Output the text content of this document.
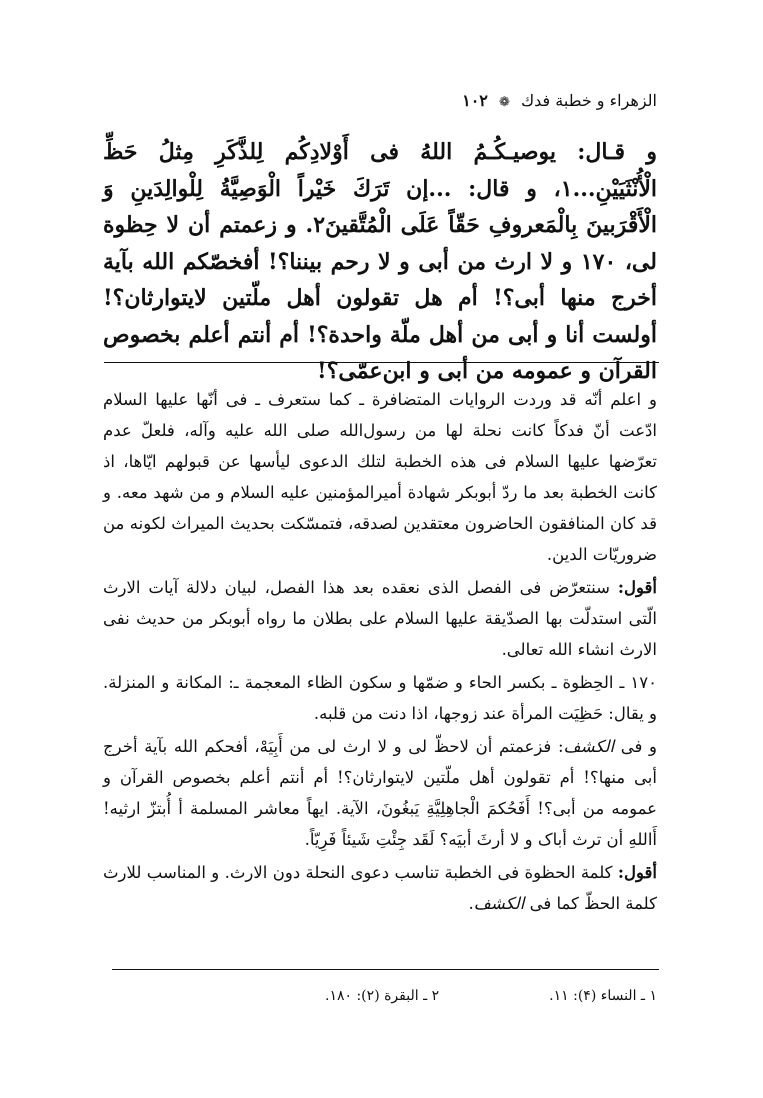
الزهراء و خطبة فدك ❁ ١٠٢

و قـال: يوصيـكُـمُ اللهُ فى أَوْلادِكُم لِلذَّكَرِ مِثلُ حَظِّ الْأُنْثَيَيْنِ...١، و قال: ...إن تَرَكَ خَيْراً الْوَصِيَّةُ لِلْوالِدَينِ وَ الْأَقْرَبينَ بِالْمَعروفِ حَقّاً عَلَى الْمُتَّقينَ٢. و زعمتم أن لا حِظوة لى، ١٧٠ و لا ارث من أبى و لا رحم بيننا؟! أفخصّكم الله بآية أخرج منها أبى؟! أم هل تقولون أهل ملّتين لايتوارثان؟! أولست أنا و أبى من أهل ملّة واحدة؟! أم أنتم أعلم بخصوص القرآن و عمومه من أبى و ابن‌عمّى؟!

و اعلم أنّه قد وردت الروايات المتضافرة ـ كما ستعرف ـ فى أنّها عليها السلام ادّعت أنّ فدكاً كانت نحلة لها من رسول‌الله صلى الله عليه وآله، فلعلّ عدم تعرّضها عليها السلام فى هذه الخطبة لتلك الدعوى ليأسها عن قبولهم ايّاها، اذ كانت الخطبة بعد ما ردّ أبوبكر شهادة أميرالمؤمنين عليه السلام و من شهد معه. و قد كان المنافقون الحاضرون معتقدين لصدقه، فتمسّكت بحديث الميراث لكونه من ضروريّات الدين.

أقول: سنتعرّض فى الفصل الذى نعقده بعد هذا الفصل، لبيان دلالة آيات الارث الّتى استدلّت بها الصدّيقة عليها السلام على بطلان ما رواه أبوبكر من حديث نفى الارث انشاء الله تعالى.

١٧٠ ـ الحِظوة ـ بكسر الحاء و ضمّها و سكون الظاء المعجمة ـ: المكانة و المنزلة. و يقال: حَظِيَت المرأة عند زوجها، اذا دنت من قلبه.

و فى الكشف: فزعمتم أن لاحظّ لى و لا ارث لى من أَبِيَهْ، أفحكم الله بآية أخرج أبى منها؟! أم تقولون أهل ملّتين لايتوارثان؟! أم أنتم أعلم بخصوص القرآن و عمومه من أبى؟! أَفَحُكمَ الْجاهِلِيَّةِ يَبغُونَ، الآية. ايهاً معاشر المسلمة أ أُبتزّ ارثيه! أَاللهِ أن ترث أباک و لا أرثَ أبيَه؟ لَقَد جِئْتِ شَيئاً فَرِيّاً.

أقول: كلمة الحظوة فى الخطبة تناسب دعوى النحلة دون الارث. و المناسب للارث كلمة الحظّ كما فى الكشف.

١ ـ النساء (۴): ١١.
٢ ـ البقرة (٢): ١٨٠.
